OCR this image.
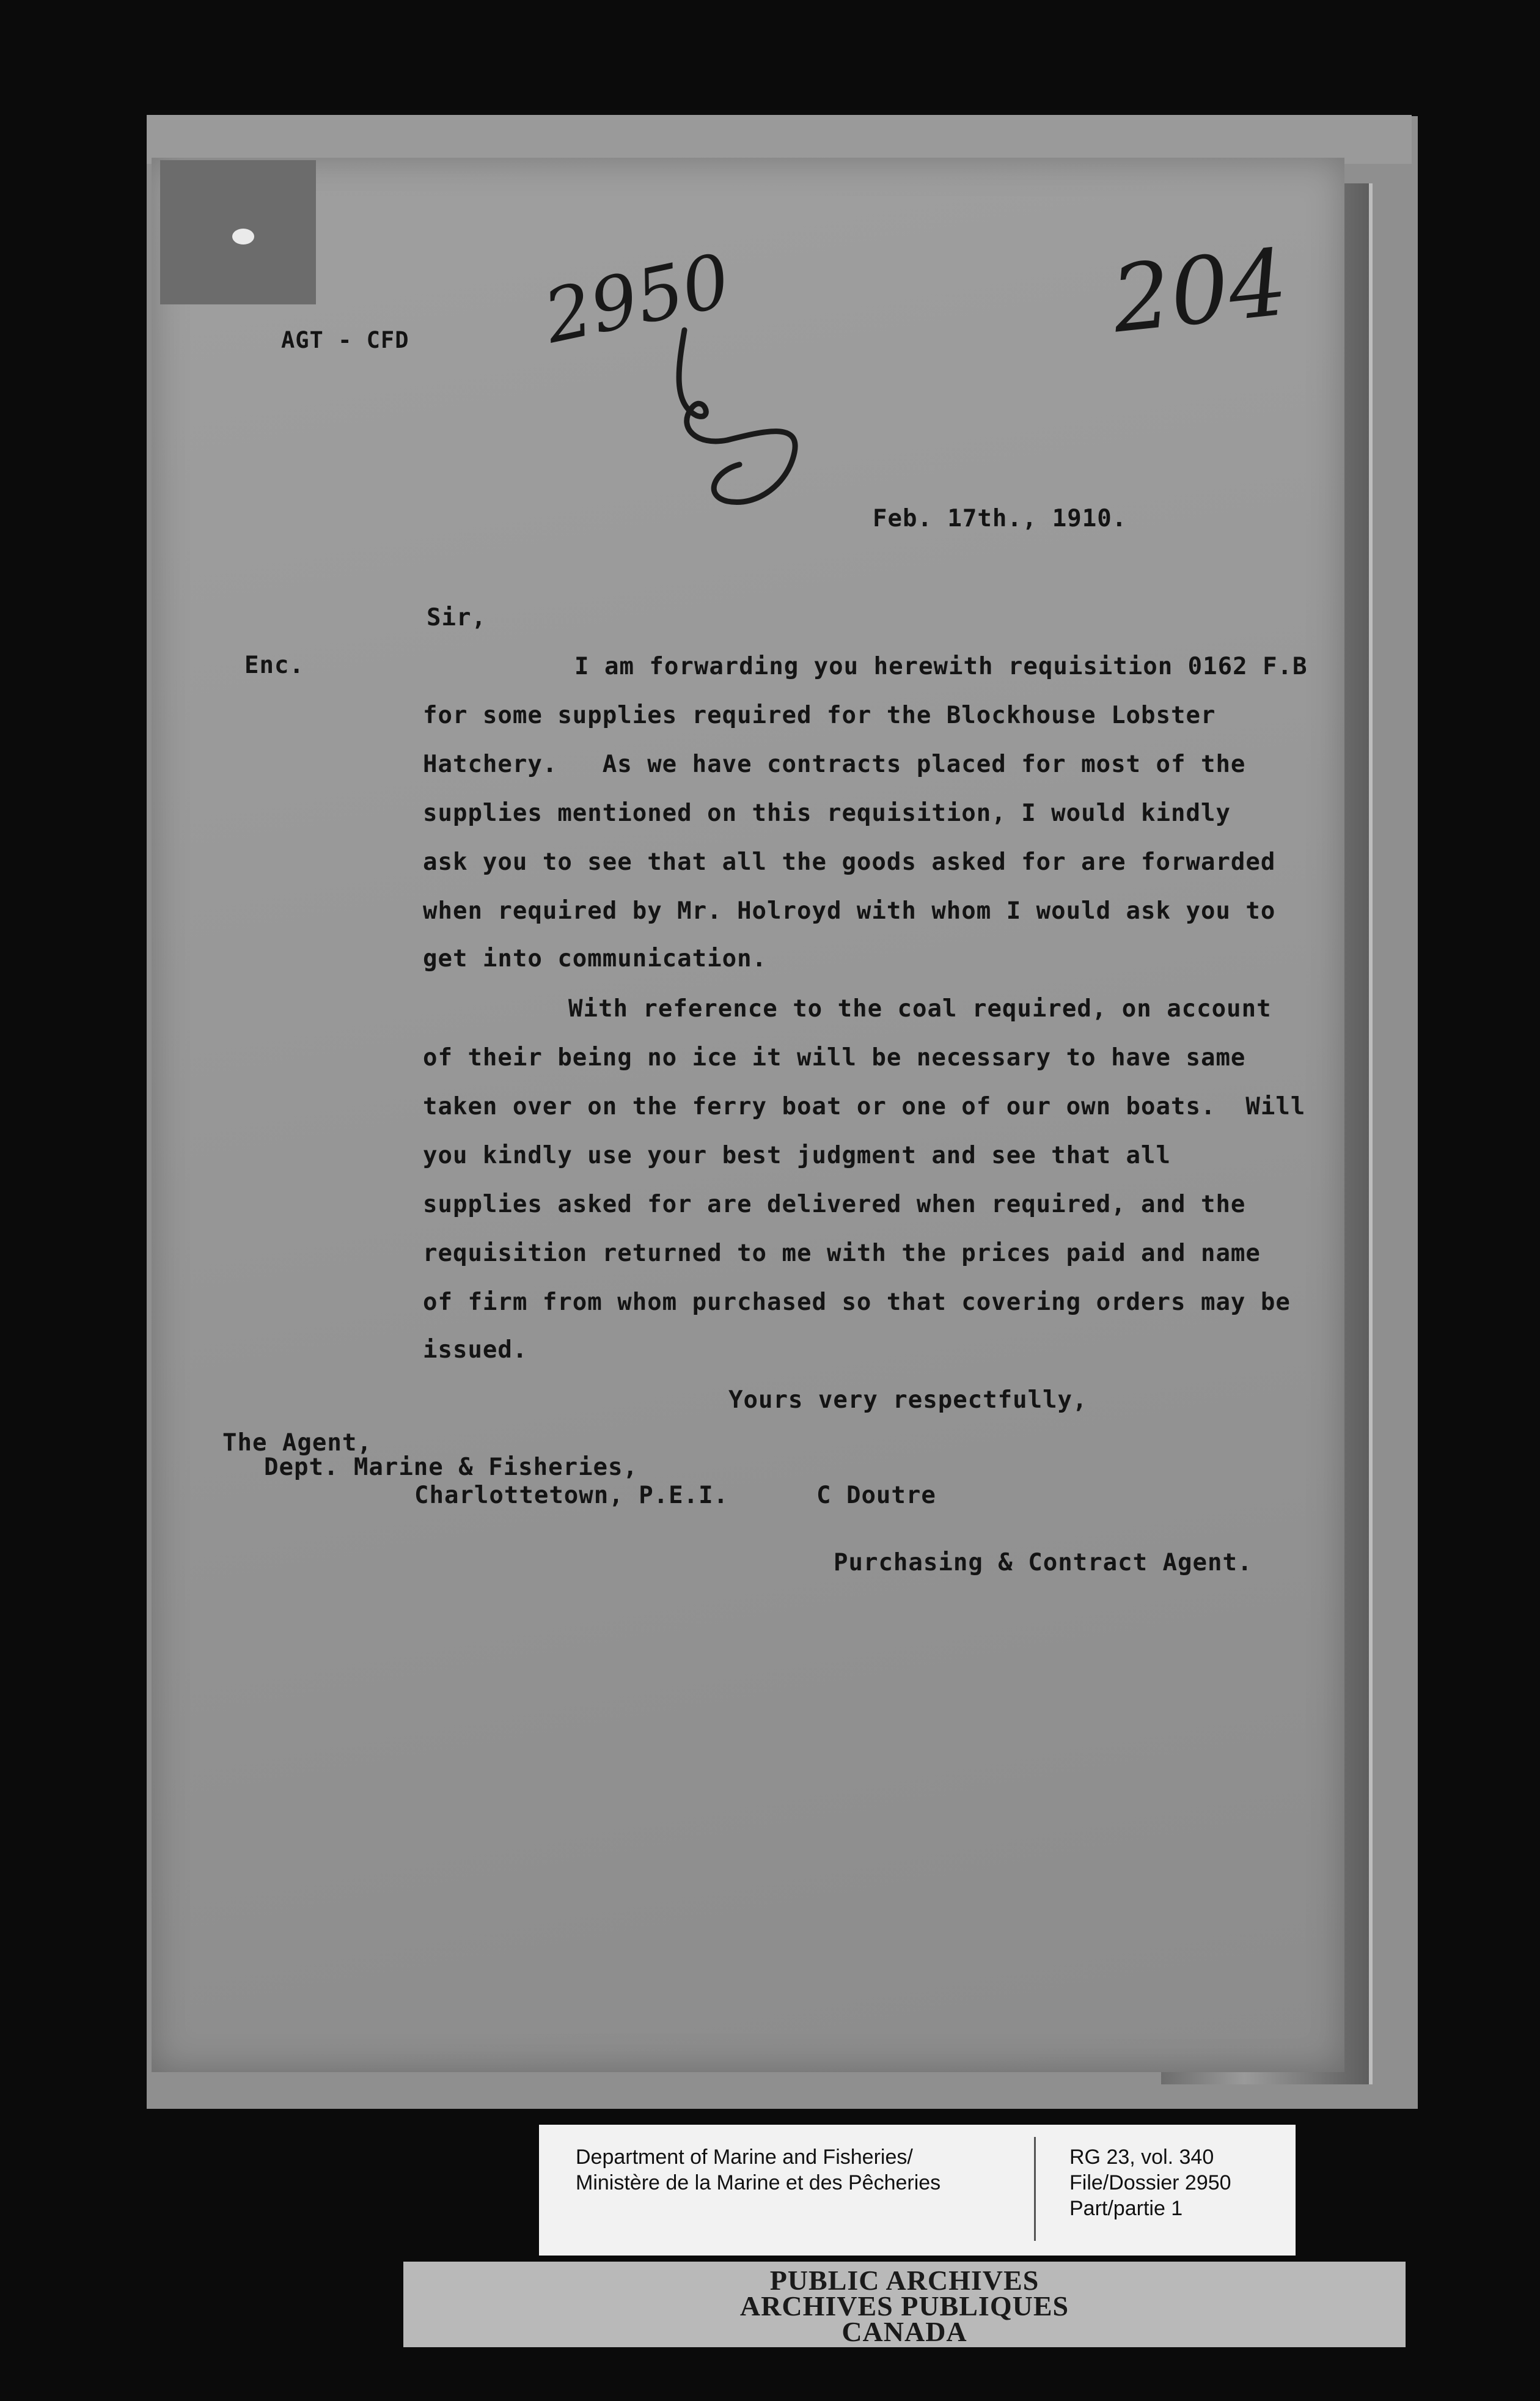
AGT - CFD 2950	204
Feb. 17th., 1910.
Sir,
Enc.	I am forwarding you herewith requisition 0162 F.B
for some supplies required for the Blockhouse Lobster
Hatchery.   As we have contracts placed for most of the
supplies mentioned on this requisition, I would kindly
ask you to see that all the goods asked for are forwarded
when required by Mr. Holroyd with whom I would ask you to
get into communication.
With reference to the coal required, on account
of their being no ice it will be necessary to have same
taken over on the ferry boat or one of our own boats.  Will
you kindly use your best judgment and see that all
supplies asked for are delivered when required, and the
requisition returned to me with the prices paid and name
of firm from whom purchased so that covering orders may be
issued.
Yours very respectfully,
The Agent,
Dept. Marine & Fisheries,
Charlottetown, P.E.I.	C Doutre
Purchasing & Contract Agent.
Department of Marine and Fisheries/
Ministère de la Marine et des Pêcheries
RG 23, vol. 340
File/Dossier 2950
Part/partie 1
PUBLIC ARCHIVES
ARCHIVES PUBLIQUES
CANADA
